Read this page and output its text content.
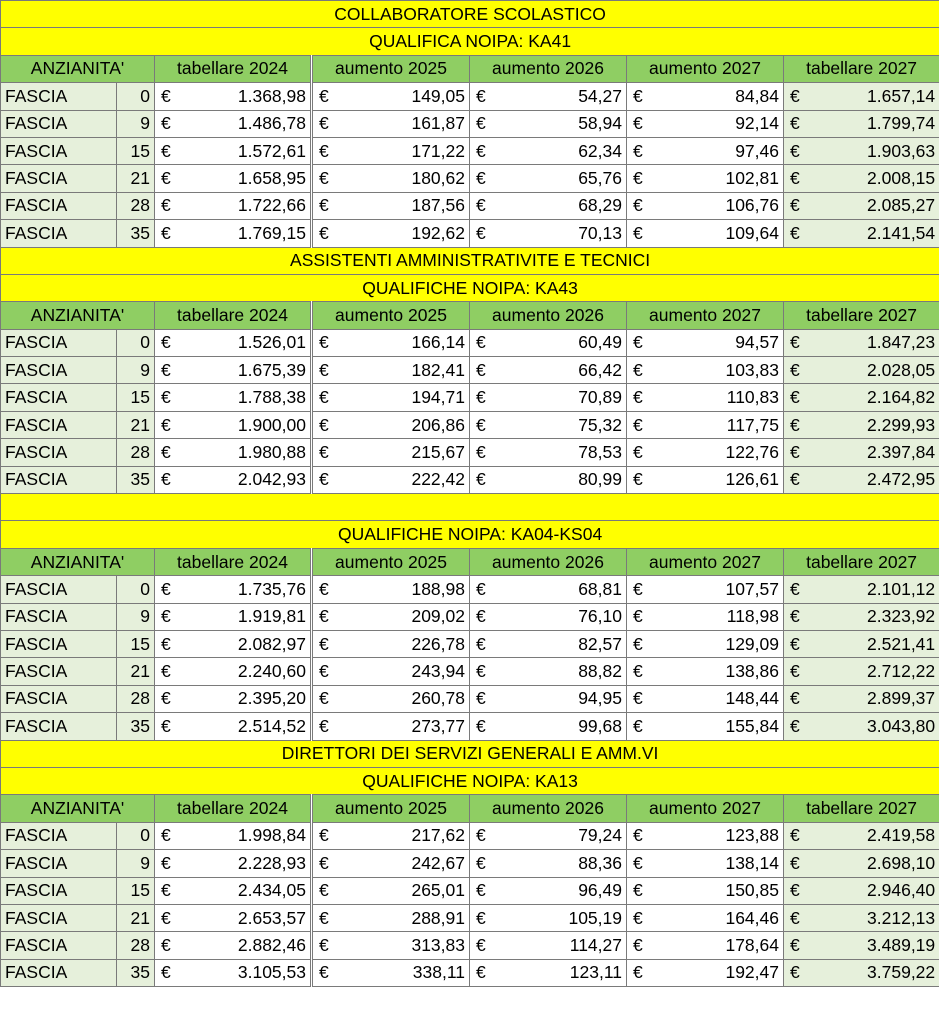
COLLABORATORE SCOLASTICO											
QUALIFICA NOIPA: KA41											
ANZIANITA'		tabellare 2024		aumento 2025		aumento 2026		aumento 2027		tabellare 2027	
FASCIA	0	€	1.368,98	€	149,05	€	54,27	€	84,84	€	1.657,14
FASCIA	9	€	1.486,78	€	161,87	€	58,94	€	92,14	€	1.799,74
FASCIA	15	€	1.572,61	€	171,22	€	62,34	€	97,46	€	1.903,63
FASCIA	21	€	1.658,95	€	180,62	€	65,76	€	102,81	€	2.008,15
FASCIA	28	€	1.722,66	€	187,56	€	68,29	€	106,76	€	2.085,27
FASCIA	35	€	1.769,15	€	192,62	€	70,13	€	109,64	€	2.141,54
ASSISTENTI AMMINISTRATIVITE E TECNICI											
QUALIFICHE NOIPA: KA43											
ANZIANITA'		tabellare 2024		aumento 2025		aumento 2026		aumento 2027		tabellare 2027	
FASCIA	0	€	1.526,01	€	166,14	€	60,49	€	94,57	€	1.847,23
FASCIA	9	€	1.675,39	€	182,41	€	66,42	€	103,83	€	2.028,05
FASCIA	15	€	1.788,38	€	194,71	€	70,89	€	110,83	€	2.164,82
FASCIA	21	€	1.900,00	€	206,86	€	75,32	€	117,75	€	2.299,93
FASCIA	28	€	1.980,88	€	215,67	€	78,53	€	122,76	€	2.397,84
FASCIA	35	€	2.042,93	€	222,42	€	80,99	€	126,61	€	2.472,95

QUALIFICHE NOIPA: KA04-KS04											
ANZIANITA'		tabellare 2024		aumento 2025		aumento 2026		aumento 2027		tabellare 2027	
FASCIA	0	€	1.735,76	€	188,98	€	68,81	€	107,57	€	2.101,12
FASCIA	9	€	1.919,81	€	209,02	€	76,10	€	118,98	€	2.323,92
FASCIA	15	€	2.082,97	€	226,78	€	82,57	€	129,09	€	2.521,41
FASCIA	21	€	2.240,60	€	243,94	€	88,82	€	138,86	€	2.712,22
FASCIA	28	€	2.395,20	€	260,78	€	94,95	€	148,44	€	2.899,37
FASCIA	35	€	2.514,52	€	273,77	€	99,68	€	155,84	€	3.043,80
DIRETTORI DEI SERVIZI GENERALI E AMM.VI											
QUALIFICHE NOIPA: KA13											
ANZIANITA'		tabellare 2024		aumento 2025		aumento 2026		aumento 2027		tabellare 2027	
FASCIA	0	€	1.998,84	€	217,62	€	79,24	€	123,88	€	2.419,58
FASCIA	9	€	2.228,93	€	242,67	€	88,36	€	138,14	€	2.698,10
FASCIA	15	€	2.434,05	€	265,01	€	96,49	€	150,85	€	2.946,40
FASCIA	21	€	2.653,57	€	288,91	€	105,19	€	164,46	€	3.212,13
FASCIA	28	€	2.882,46	€	313,83	€	114,27	€	178,64	€	3.489,19
FASCIA	35	€	3.105,53	€	338,11	€	123,11	€	192,47	€	3.759,22
